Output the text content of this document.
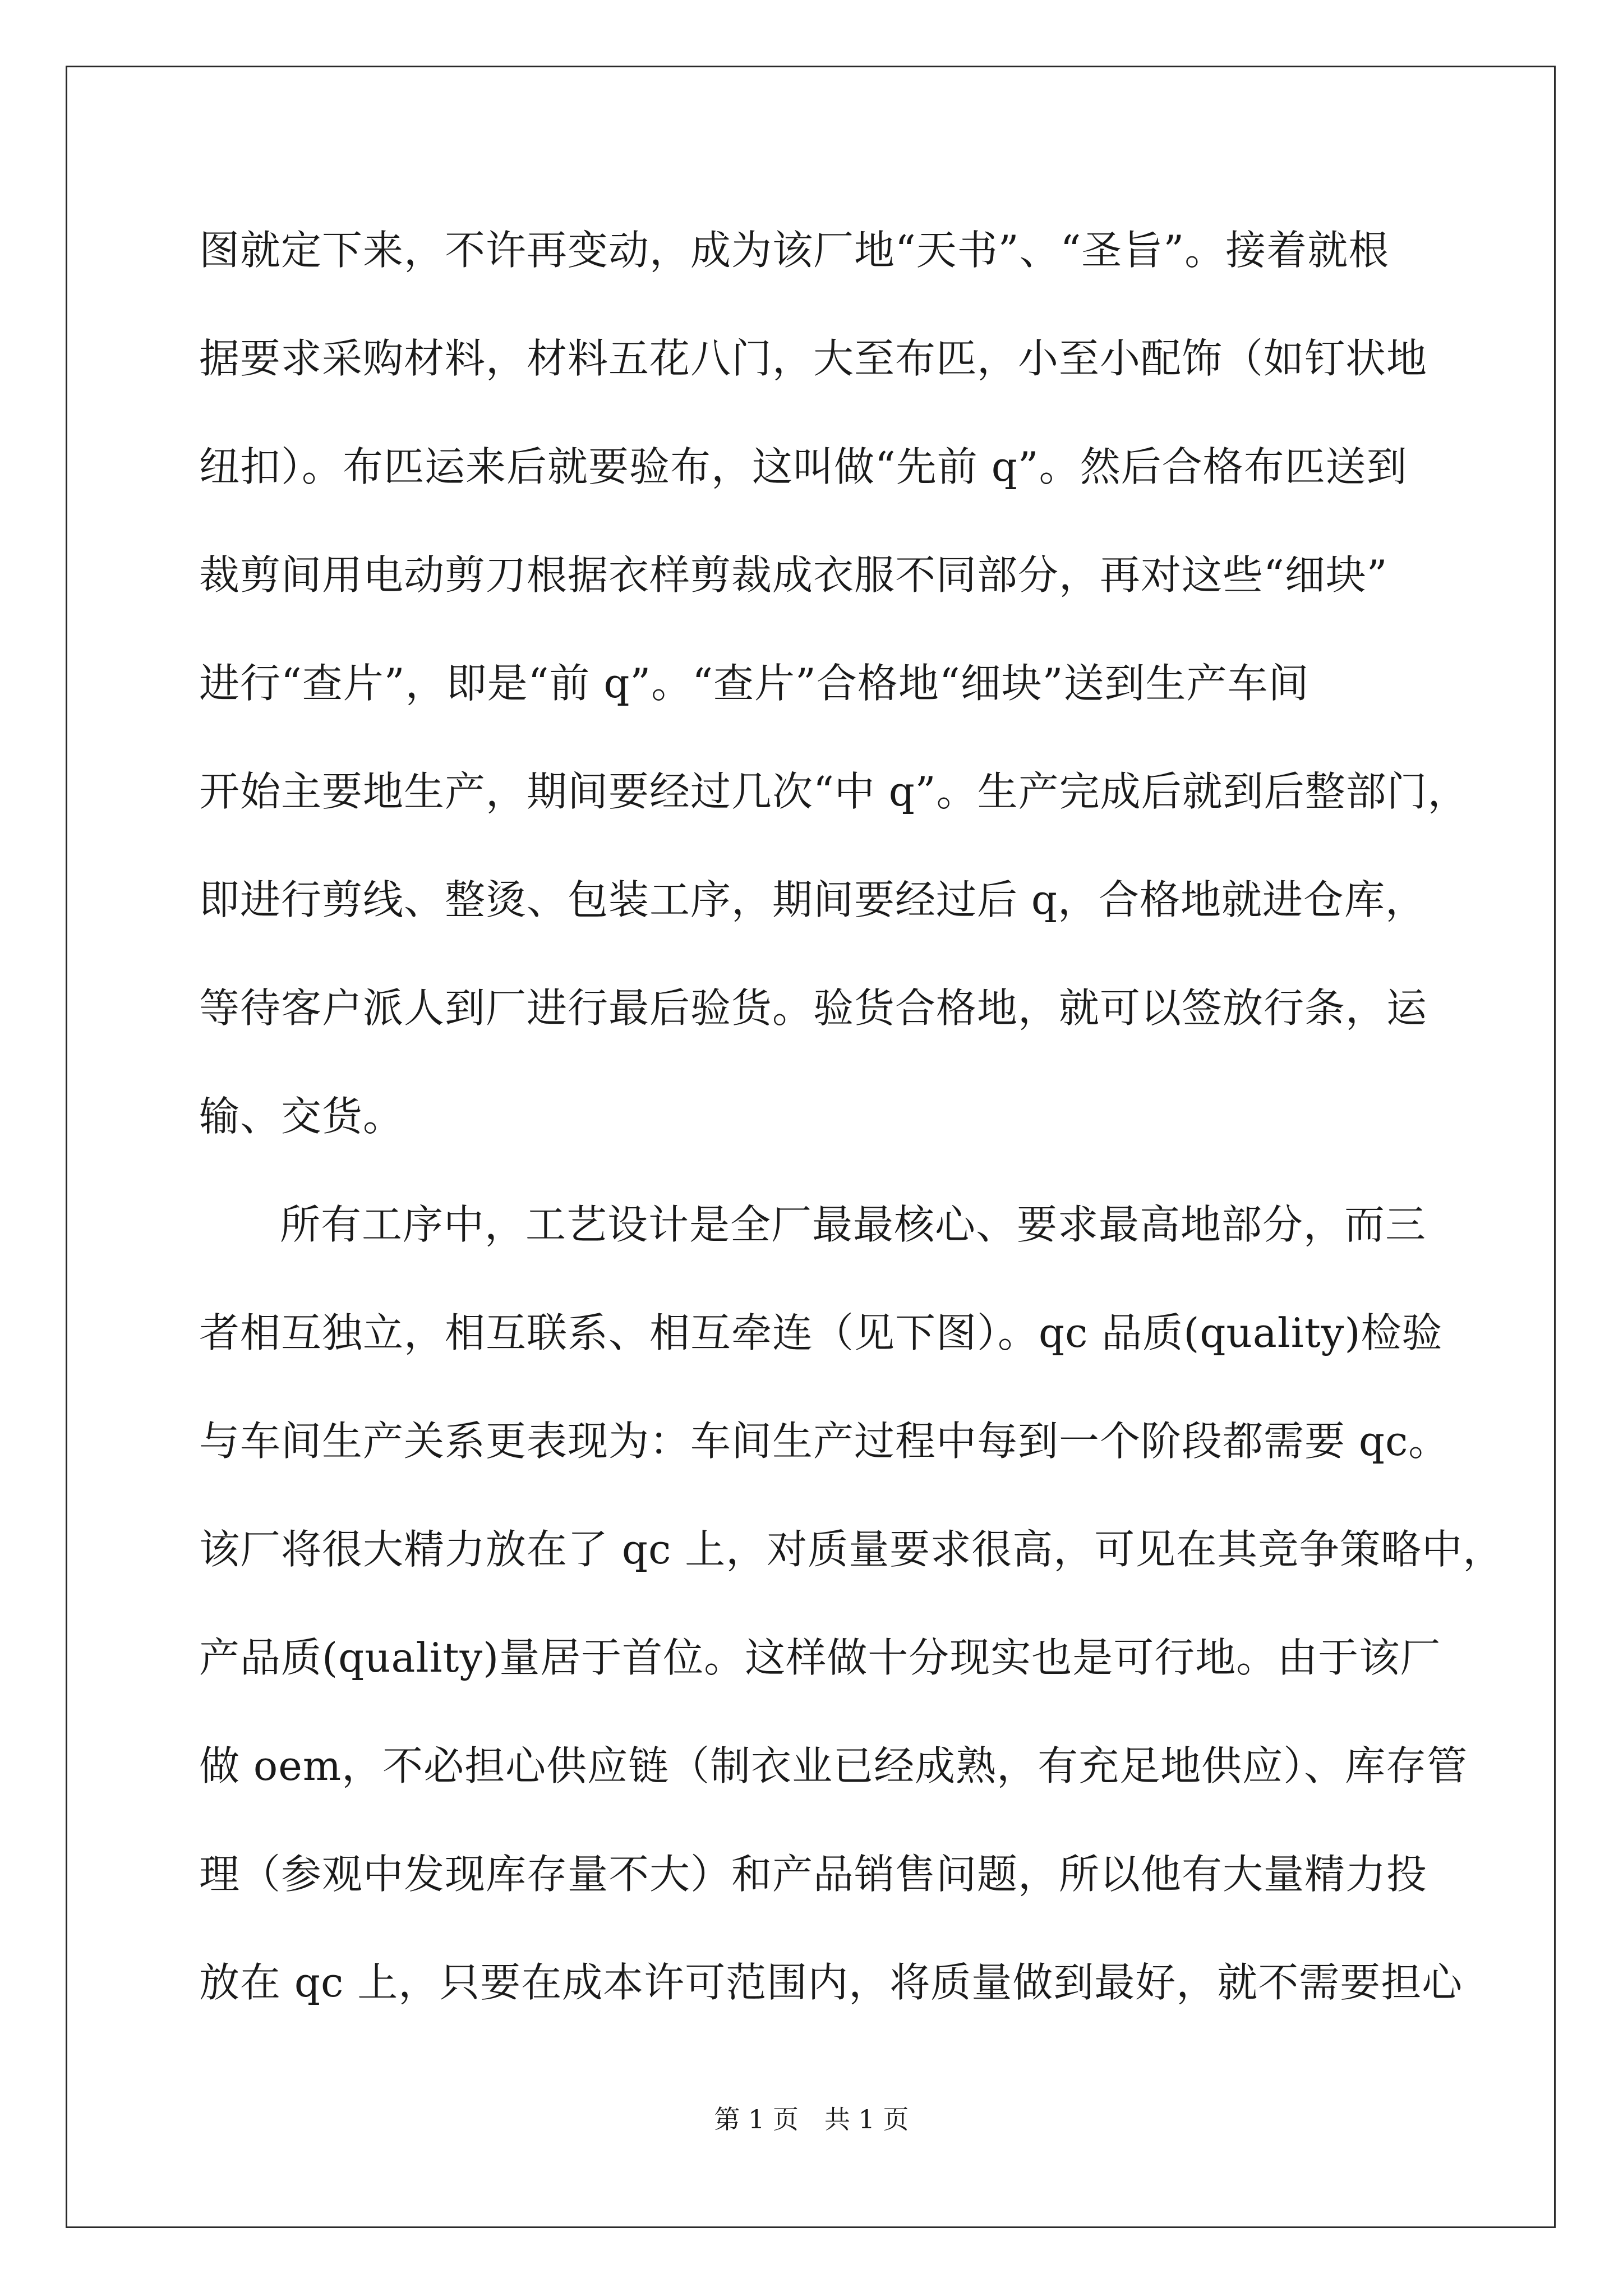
图就定下来，不许再变动，成为该厂地“天书”、“圣旨”。接着就根
据要求采购材料，材料五花八门，大至布匹，小至小配饰（如钉状地
纽扣）。布匹运来后就要验布，这叫做“先前 q”。然后合格布匹送到
裁剪间用电动剪刀根据衣样剪裁成衣服不同部分，再对这些“细块”
进行“查片”，即是“前 q”。“查片”合格地“细块”送到生产车间
开始主要地生产，期间要经过几次“中 q”。生产完成后就到后整部门，
即进行剪线、整烫、包装工序，期间要经过后 q，合格地就进仓库，
等待客户派人到厂进行最后验货。验货合格地，就可以签放行条，运
输、交货。
所有工序中，工艺设计是全厂最最核心、要求最高地部分，而三
者相互独立，相互联系、相互牵连（见下图）。qc 品质(quality)检验
与车间生产关系更表现为：车间生产过程中每到一个阶段都需要 qc。
该厂将很大精力放在了 qc 上，对质量要求很高，可见在其竞争策略中，
产品质(quality)量居于首位。这样做十分现实也是可行地。由于该厂
做 oem，不必担心供应链（制衣业已经成熟，有充足地供应）、库存管
理（参观中发现库存量不大）和产品销售问题，所以他有大量精力投
放在 qc 上，只要在成本许可范围内，将质量做到最好，就不需要担心
第 1 页　共 1 页
